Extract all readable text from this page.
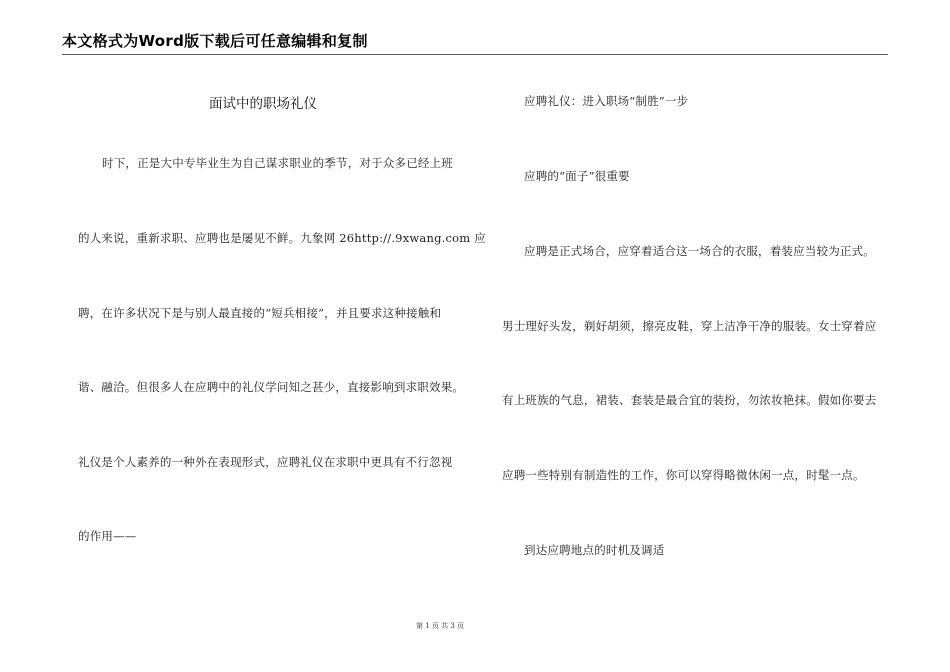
本文格式为Word版下载后可任意编辑和复制
面试中的职场礼仪
时下，正是大中专毕业生为自己谋求职业的季节，对于众多已经上班
的人来说，重新求职、应聘也是屡见不鲜。九象网 26http://.9xwang.com 应
聘，在许多状况下是与别人最直接的“短兵相接”，并且要求这种接触和
谐、融洽。但很多人在应聘中的礼仪学问知之甚少，直接影响到求职效果。
礼仪是个人素养的一种外在表现形式，应聘礼仪在求职中更具有不行忽视
的作用——
应聘礼仪：进入职场“制胜”一步
应聘的“面子”很重要
应聘是正式场合，应穿着适合这一场合的衣服，着装应当较为正式。
男士理好头发，剃好胡须，擦亮皮鞋，穿上洁净干净的服装。女士穿着应
有上班族的气息，裙装、套装是最合宜的装扮，勿浓妆艳抹。假如你要去
应聘一些特别有制造性的工作，你可以穿得略微休闲一点，时髦一点。
到达应聘地点的时机及调适
第 1 页 共 3 页
